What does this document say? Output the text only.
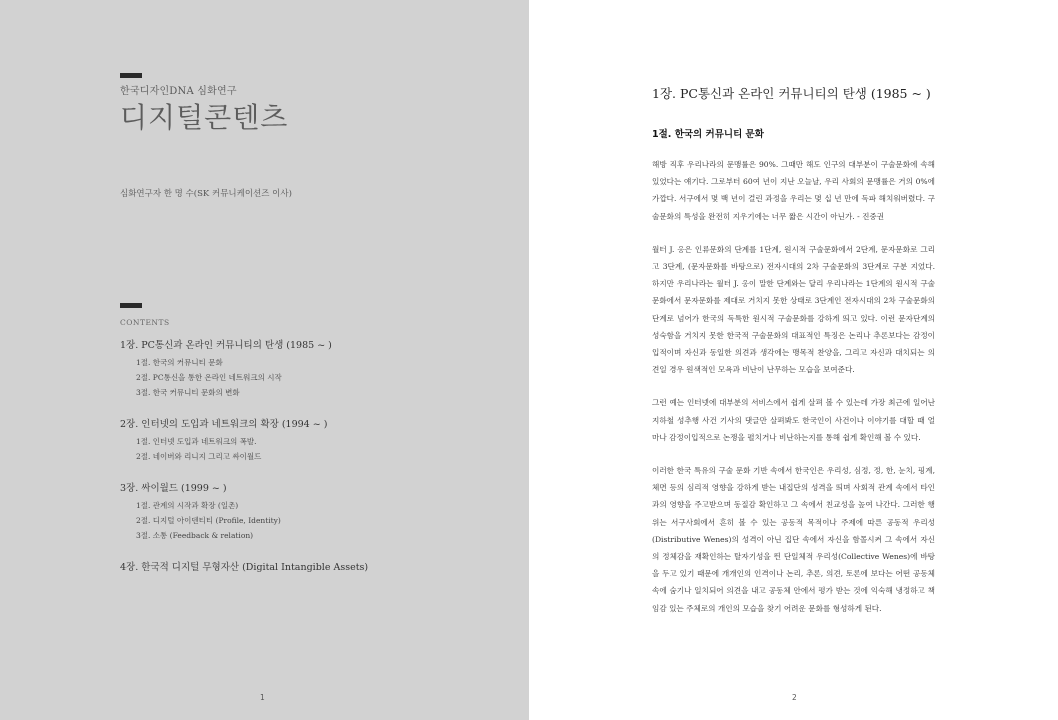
한국디자인DNA 심화연구
디지털콘텐츠
심화연구자 한 명 수(SK 커뮤니케이션즈 이사)
CONTENTS
1장. PC통신과 온라인 커뮤니티의 탄생 (1985 ~ )
1절. 한국의 커뮤니티 문화
2절. PC통신을 통한 온라인 네트워크의 시작
3절. 한국 커뮤니티 문화의 변화
2장. 인터넷의 도입과 네트워크의 확장 (1994 ~ )
1절. 인터넷 도입과 네트워크의 폭발.
2절. 네이버와 리니지 그리고 싸이월드
3장. 싸이월드 (1999 ~ )
1절. 관계의 시작과 확장 (일촌)
2절. 디지털 아이덴티티 (Profile, Identity)
3절. 소통 (Feedback & relation)
4장. 한국적 디지털 무형자산 (Digital Intangible Assets)
1
1장. PC통신과 온라인 커뮤니티의 탄생 (1985 ~ )
1절. 한국의 커뮤니티 문화

해방 직후 우리나라의 문맹률은 90%. 그때만 해도 인구의 대부분이 구술문화에 속해 있었다는 얘기다. 그로부터 60여 년이 지난 오늘날, 우리 사회의 문맹률은 거의 0%에 가깝다. 서구에서 몇 백 년이 걸린 과정을 우리는 몇 십 년 만에 독파 해치워버렸다. 구술문화의 특성을 완전히 지우기에는 너무 짧은 시간이 아닌가. - 진중권

월터 J. 옹은 인류문화의 단계를 1단계, 원시적 구술문화에서 2단계, 문자문화로 그리고 3단계, (문자문화를 바탕으로) 전자시대의 2차 구술문화의 3단계로 구분 지었다. 하지만 우리나라는 월터 J. 옹이 말한 단계와는 달리 우리나라는 1단계의 원시적 구술문화에서 문자문화를 제대로 거치지 못한 상태로 3단계인 전자시대의 2차 구술문화의 단계로 넘어가 한국의 독특한 원시적 구술문화를 강하게 띄고 있다. 이런 문자단계의 성숙함을 거치지 못한 한국적 구술문화의 대표적인 특징은 논리나 추론보다는 감정이입적이며 자신과 동일한 의견과 생각에는 맹목적 찬양을, 그리고 자신과 대치되는 의견일 경우 원색적인 모욕과 비난이 난무하는 모습을 보여준다.

그런 예는 인터넷에 대부분의 서비스에서 쉽게 살펴 볼 수 있는데 가장 최근에 일어난 지하철 성추행 사건 기사의 댓글만 살펴봐도 한국인이 사건이나 이야기를 대할 때 얼마나 감정이입적으로 논쟁을 펼치거나 비난하는지를 통해 쉽게 확인해 볼 수 있다.

이러한 한국 특유의 구술 문화 기반 속에서 한국인은 우리성, 심정, 정, 한, 눈치, 핑계, 체면 등의 심리적 영향을 강하게 받는 내집단의 성격을 띄며 사회적 관계 속에서 타인과의 영향을 주고받으며 동질감 확인하고 그 속에서 친교성을 높여 나간다. 그러한 행위는 서구사회에서 흔히 볼 수 있는 공동적 목적이나 주제에 따른 공동적 우리성(Distributive Wenes)의 성격이 아닌 집단 속에서 자신을 함몰시켜 그 속에서 자신의 정체감을 재확인하는 탈자기성을 띈 단일체적 우리성(Collective Wenes)에 바탕을 두고 있기 때문에 개개인의 인격이나 논리, 추론, 의견, 토론에 보다는 어떤 공동체 속에 숨기나 일치되어 의견을 내고 공동체 안에서 평가 받는 것에 익숙해 냉정하고 책임감 있는 주체로의 개인의 모습을 찾기 어려운 문화를 형성하게 된다.

2
